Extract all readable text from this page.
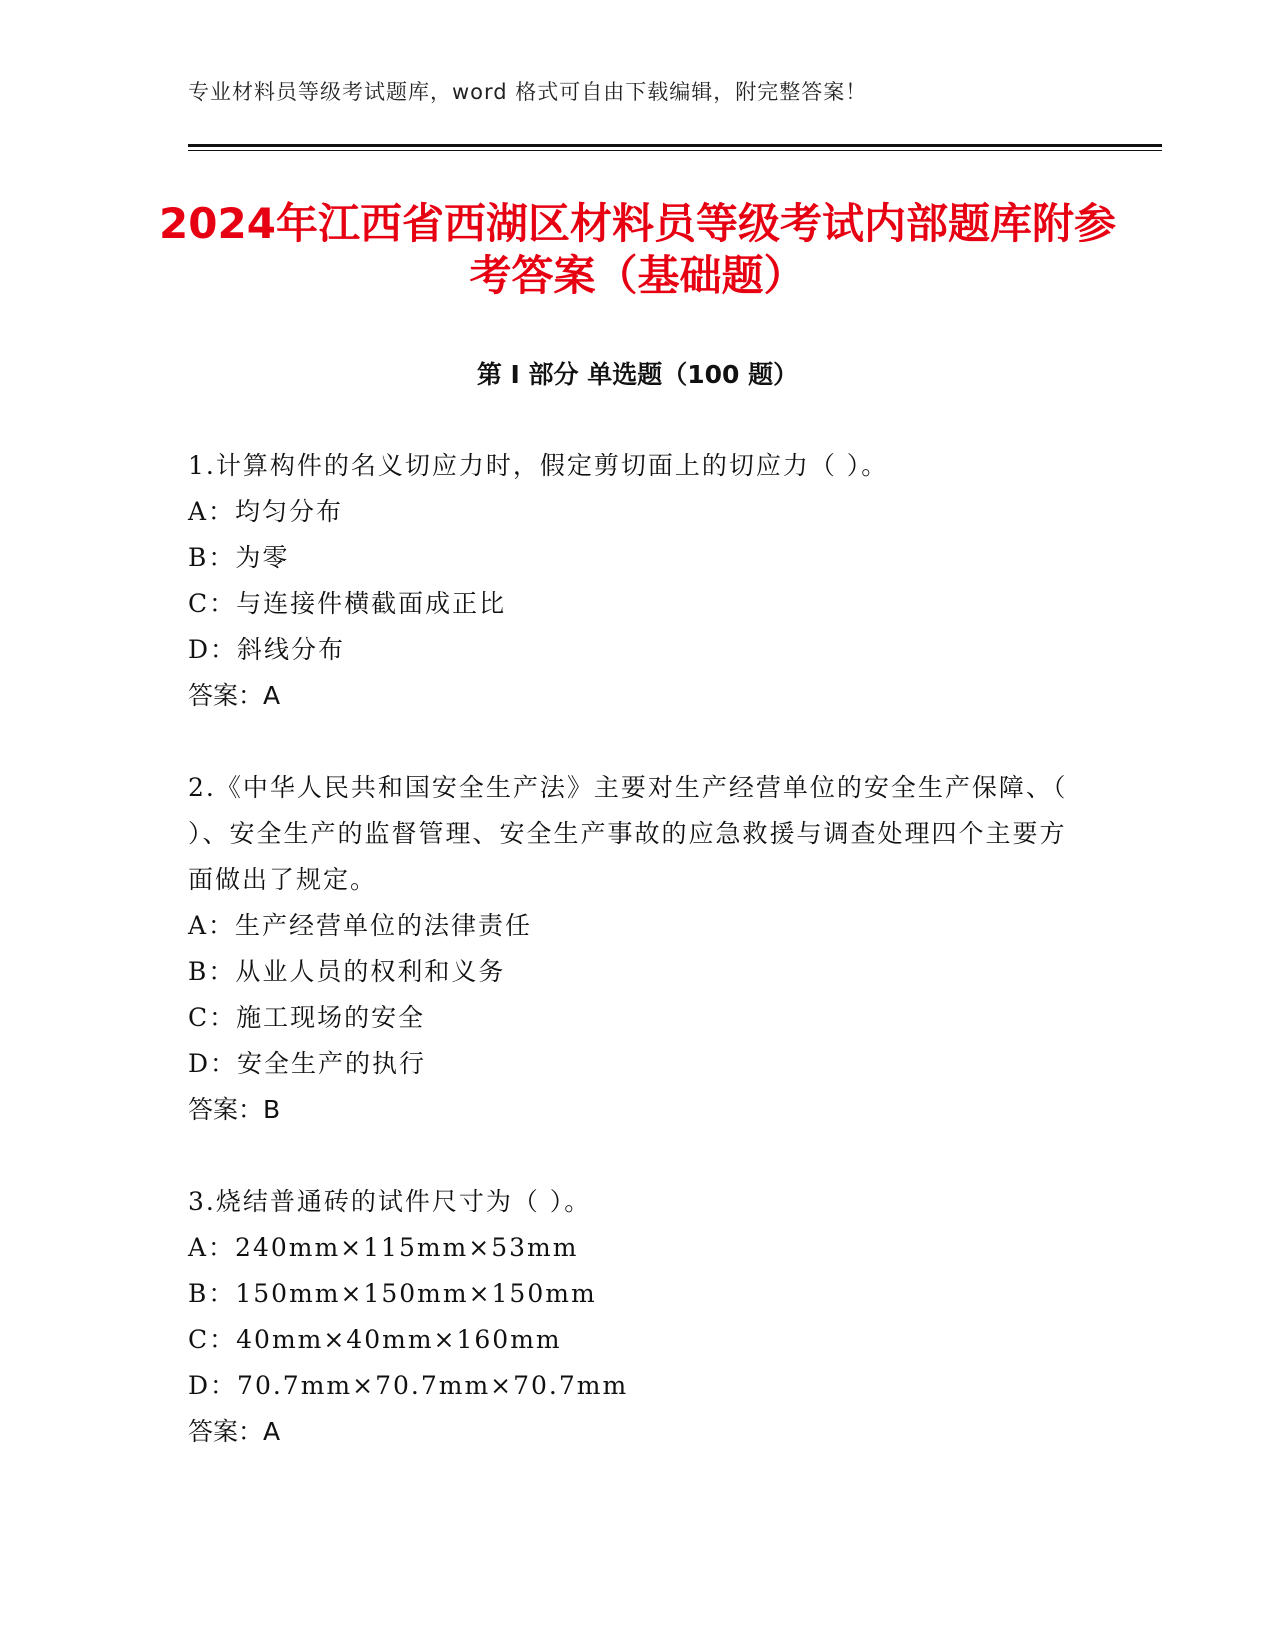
专业材料员等级考试题库，word 格式可自由下载编辑，附完整答案！
2024年江西省西湖区材料员等级考试内部题库附参考答案（基础题）
第 I 部分 单选题（100 题）

1.计算构件的名义切应力时，假定剪切面上的切应力（ ）。

A：均匀分布

B：为零

C：与连接件横截面成正比

D：斜线分布

答案：A

2.《中华人民共和国安全生产法》主要对生产经营单位的安全生产保障、（ ）、安全生产的监督管理、安全生产事故的应急救援与调查处理四个主要方面做出了规定。

A：生产经营单位的法律责任

B：从业人员的权利和义务

C：施工现场的安全

D：安全生产的执行

答案：B

3.烧结普通砖的试件尺寸为（ ）。

A：240mm×115mm×53mm

B：150mm×150mm×150mm

C：40mm×40mm×160mm

D：70.7mm×70.7mm×70.7mm

答案：A
